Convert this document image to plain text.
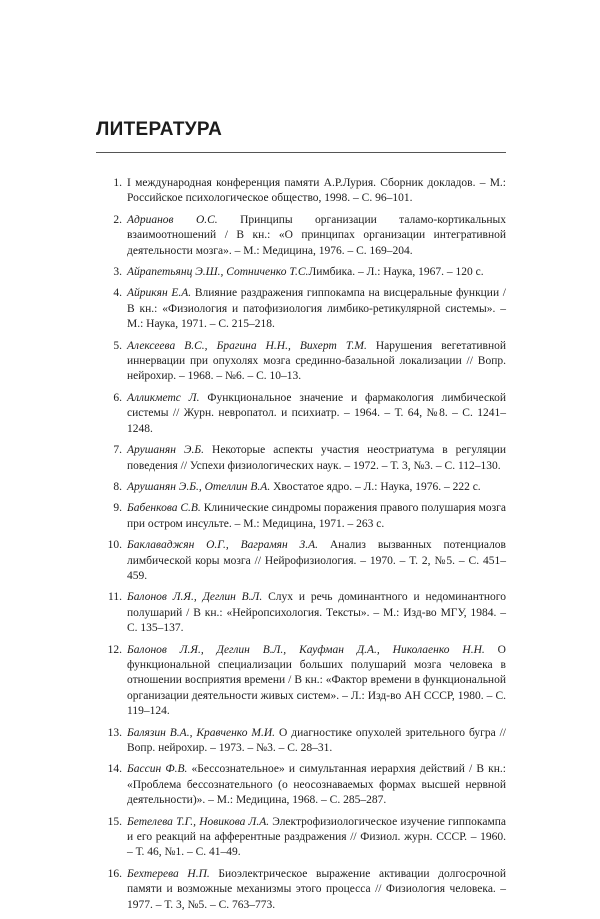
ЛИТЕРАТУРА
1. I международная конференция памяти А.Р.Лурия. Сборник докладов. – М.: Российское психологическое общество, 1998. – С. 96–101.
2. Адрианов О.С. Принципы организации таламо-кортикальных взаимоотношений / В кн.: «О принципах организации интегративной деятельности мозга». – М.: Медицина, 1976. – С. 169–204.
3. Айрапетьянц Э.Ш., Сотниченко Т.С.Лимбика. – Л.: Наука, 1967. – 120 с.
4. Айрикян Е.А. Влияние раздражения гиппокампа на висцеральные функции / В кн.: «Физиология и патофизиология лимбико-ретикулярной системы». – М.: Наука, 1971. – С. 215–218.
5. Алексеева В.С., Брагина Н.Н., Вихерт Т.М. Нарушения вегетативной иннервации при опухолях мозга срединно-базальной локализации // Вопр. нейрохир. – 1968. – №6. – С. 10–13.
6. Алликметс Л. Функциональное значение и фармакология лимбической системы // Журн. невропатол. и психиатр. – 1964. – Т. 64, №8. – С. 1241–1248.
7. Арушанян Э.Б. Некоторые аспекты участия неостриатума в регуляции поведения // Успехи физиологических наук. – 1972. – Т. 3, №3. – С. 112–130.
8. Арушанян Э.Б., Отеллин В.А. Хвостатое ядро. – Л.: Наука, 1976. – 222 с.
9. Бабенкова С.В. Клинические синдромы поражения правого полушария мозга при остром инсульте. – М.: Медицина, 1971. – 263 с.
10. Баклаваджян О.Г., Ваграмян З.А. Анализ вызванных потенциалов лимбической коры мозга // Нейрофизиология. – 1970. – Т. 2, №5. – С. 451–459.
11. Балонов Л.Я., Деглин В.Л. Слух и речь доминантного и недоминантного полушарий / В кн.: «Нейропсихология. Тексты». – М.: Изд-во МГУ, 1984. – С. 135–137.
12. Балонов Л.Я., Деглин В.Л., Кауфман Д.А., Николаенко Н.Н. О функциональной специализации больших полушарий мозга человека в отношении восприятия времени / В кн.: «Фактор времени в функциональной организации деятельности живых систем». – Л.: Изд-во АН СССР, 1980. – С. 119–124.
13. Балязин В.А., Кравченко М.И. О диагностике опухолей зрительного бугра // Вопр. нейрохир. – 1973. – №3. – С. 28–31.
14. Бассин Ф.В. «Бессознательное» и симультанная иерархия действий / В кн.: «Проблема бессознательного (о неосознаваемых формах высшей нервной деятельности)». – М.: Медицина, 1968. – С. 285–287.
15. Бетелева Т.Г., Новикова Л.А. Электрофизиологическое изучение гиппокампа и его реакций на афферентные раздражения // Физиол. журн. СССР. – 1960. – Т. 46, №1. – С. 41–49.
16. Бехтерева Н.П. Биоэлектрическое выражение активации долгосрочной памяти и возможные механизмы этого процесса // Физиология человека. – 1977. – Т. 3, №5. – С. 763–773.
